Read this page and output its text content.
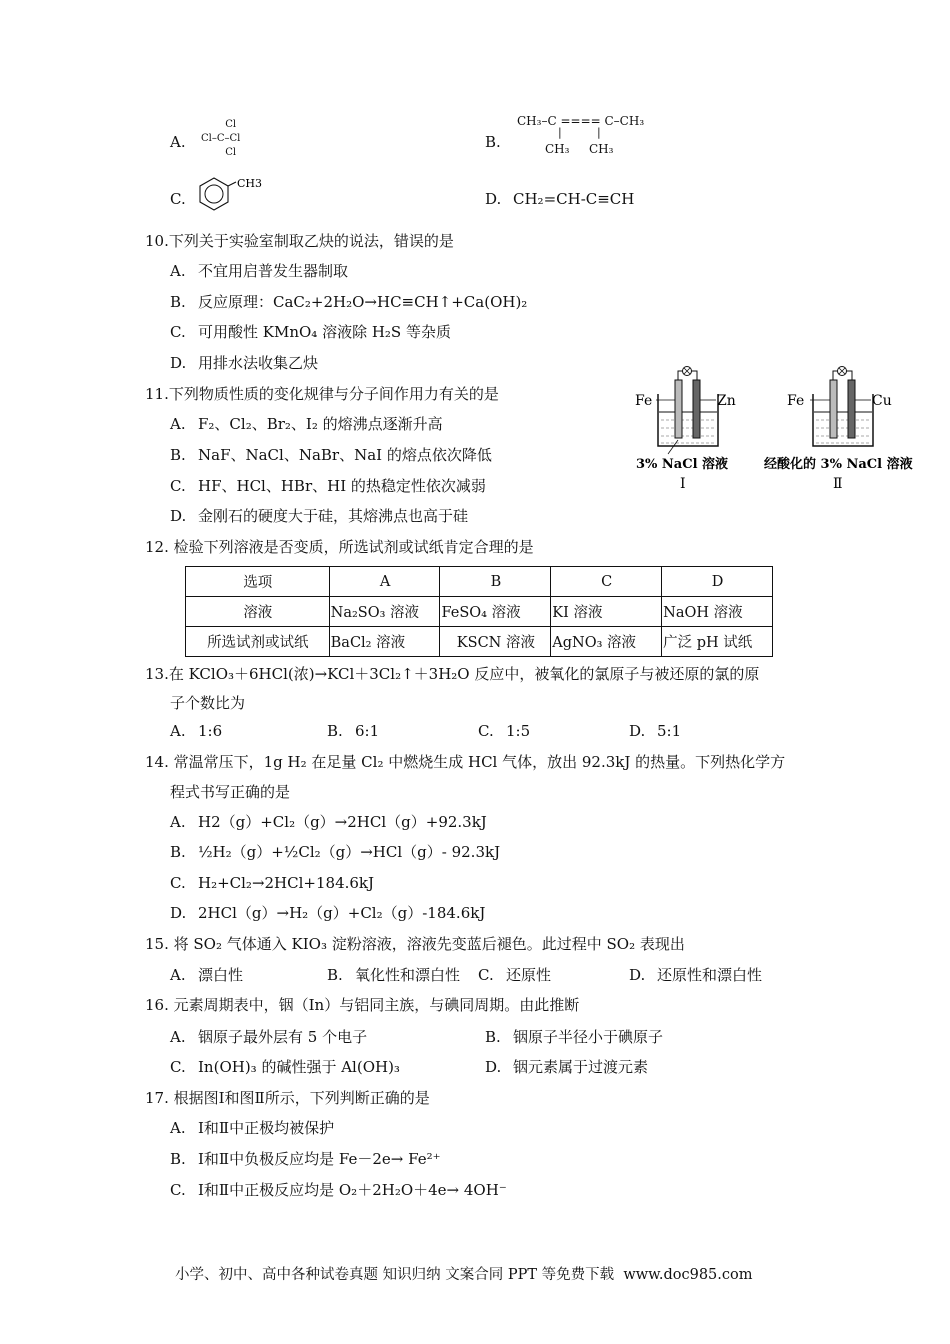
A.
Cl
Cl–C–Cl
Cl
B.
CH₃–C ==== C–CH₃
|	|
CH₃ CH₃
C.
CH3
D. CH₂=CH-C≡CH
10.下列关于实验室制取乙炔的说法，错误的是
A. 不宜用启普发生器制取
B. 反应原理：CaC₂+2H₂O→HC≡CH↑+Ca(OH)₂
C. 可用酸性 KMnO₄ 溶液除 H₂S 等杂质
D. 用排水法收集乙炔
11.下列物质性质的变化规律与分子间作用力有关的是
A. F₂、Cl₂、Br₂、I₂ 的熔沸点逐渐升高
B. NaF、NaCl、NaBr、NaI 的熔点依次降低
C. HF、HCl、HBr、HI 的热稳定性依次减弱
D. 金刚石的硬度大于硅，其熔沸点也高于硅
Fe	Zn
3% NaCl 溶液
Ⅰ
Fe	Cu
经酸化的 3% NaCl 溶液
Ⅱ
12. 检验下列溶液是否变质，所选试剂或试纸肯定合理的是
选项	A	B	C	D
溶液	Na₂SO₃ 溶液	FeSO₄ 溶液	KI 溶液	NaOH 溶液
所选试剂或试纸	BaCl₂ 溶液	KSCN 溶液	AgNO₃ 溶液	广泛 pH 试纸
13.在 KClO₃＋6HCl(浓)→KCl＋3Cl₂↑＋3H₂O 反应中，被氧化的氯原子与被还原的氯的原
子个数比为
A. 1:6	B. 6:1	C. 1:5	D. 5:1
14. 常温常压下，1g H₂ 在足量 Cl₂ 中燃烧生成 HCl 气体，放出 92.3kJ 的热量。下列热化学方
程式书写正确的是
A. H2（g）+Cl₂（g）→2HCl（g）+92.3kJ
B. ½H₂（g）+½Cl₂（g）→HCl（g）- 92.3kJ
C. H₂+Cl₂→2HCl+184.6kJ
D. 2HCl（g）→H₂（g）+Cl₂（g）-184.6kJ
15. 将 SO₂ 气体通入 KIO₃ 淀粉溶液，溶液先变蓝后褪色。此过程中 SO₂ 表现出
A. 漂白性	B. 氧化性和漂白性 C. 还原性	D. 还原性和漂白性
16. 元素周期表中，铟（In）与铝同主族，与碘同周期。由此推断
A. 铟原子最外层有 5 个电子	B. 铟原子半径小于碘原子
C. In(OH)₃ 的碱性强于 Al(OH)₃	D. 铟元素属于过渡元素
17. 根据图Ⅰ和图Ⅱ所示，下列判断正确的是
A. Ⅰ和Ⅱ中正极均被保护
B. Ⅰ和Ⅱ中负极反应均是 Fe－2e→ Fe²⁺
C. Ⅰ和Ⅱ中正极反应均是 O₂＋2H₂O＋4e→ 4OH⁻
小学、初中、高中各种试卷真题 知识归纳 文案合同 PPT 等免费下载 www.doc985.com
